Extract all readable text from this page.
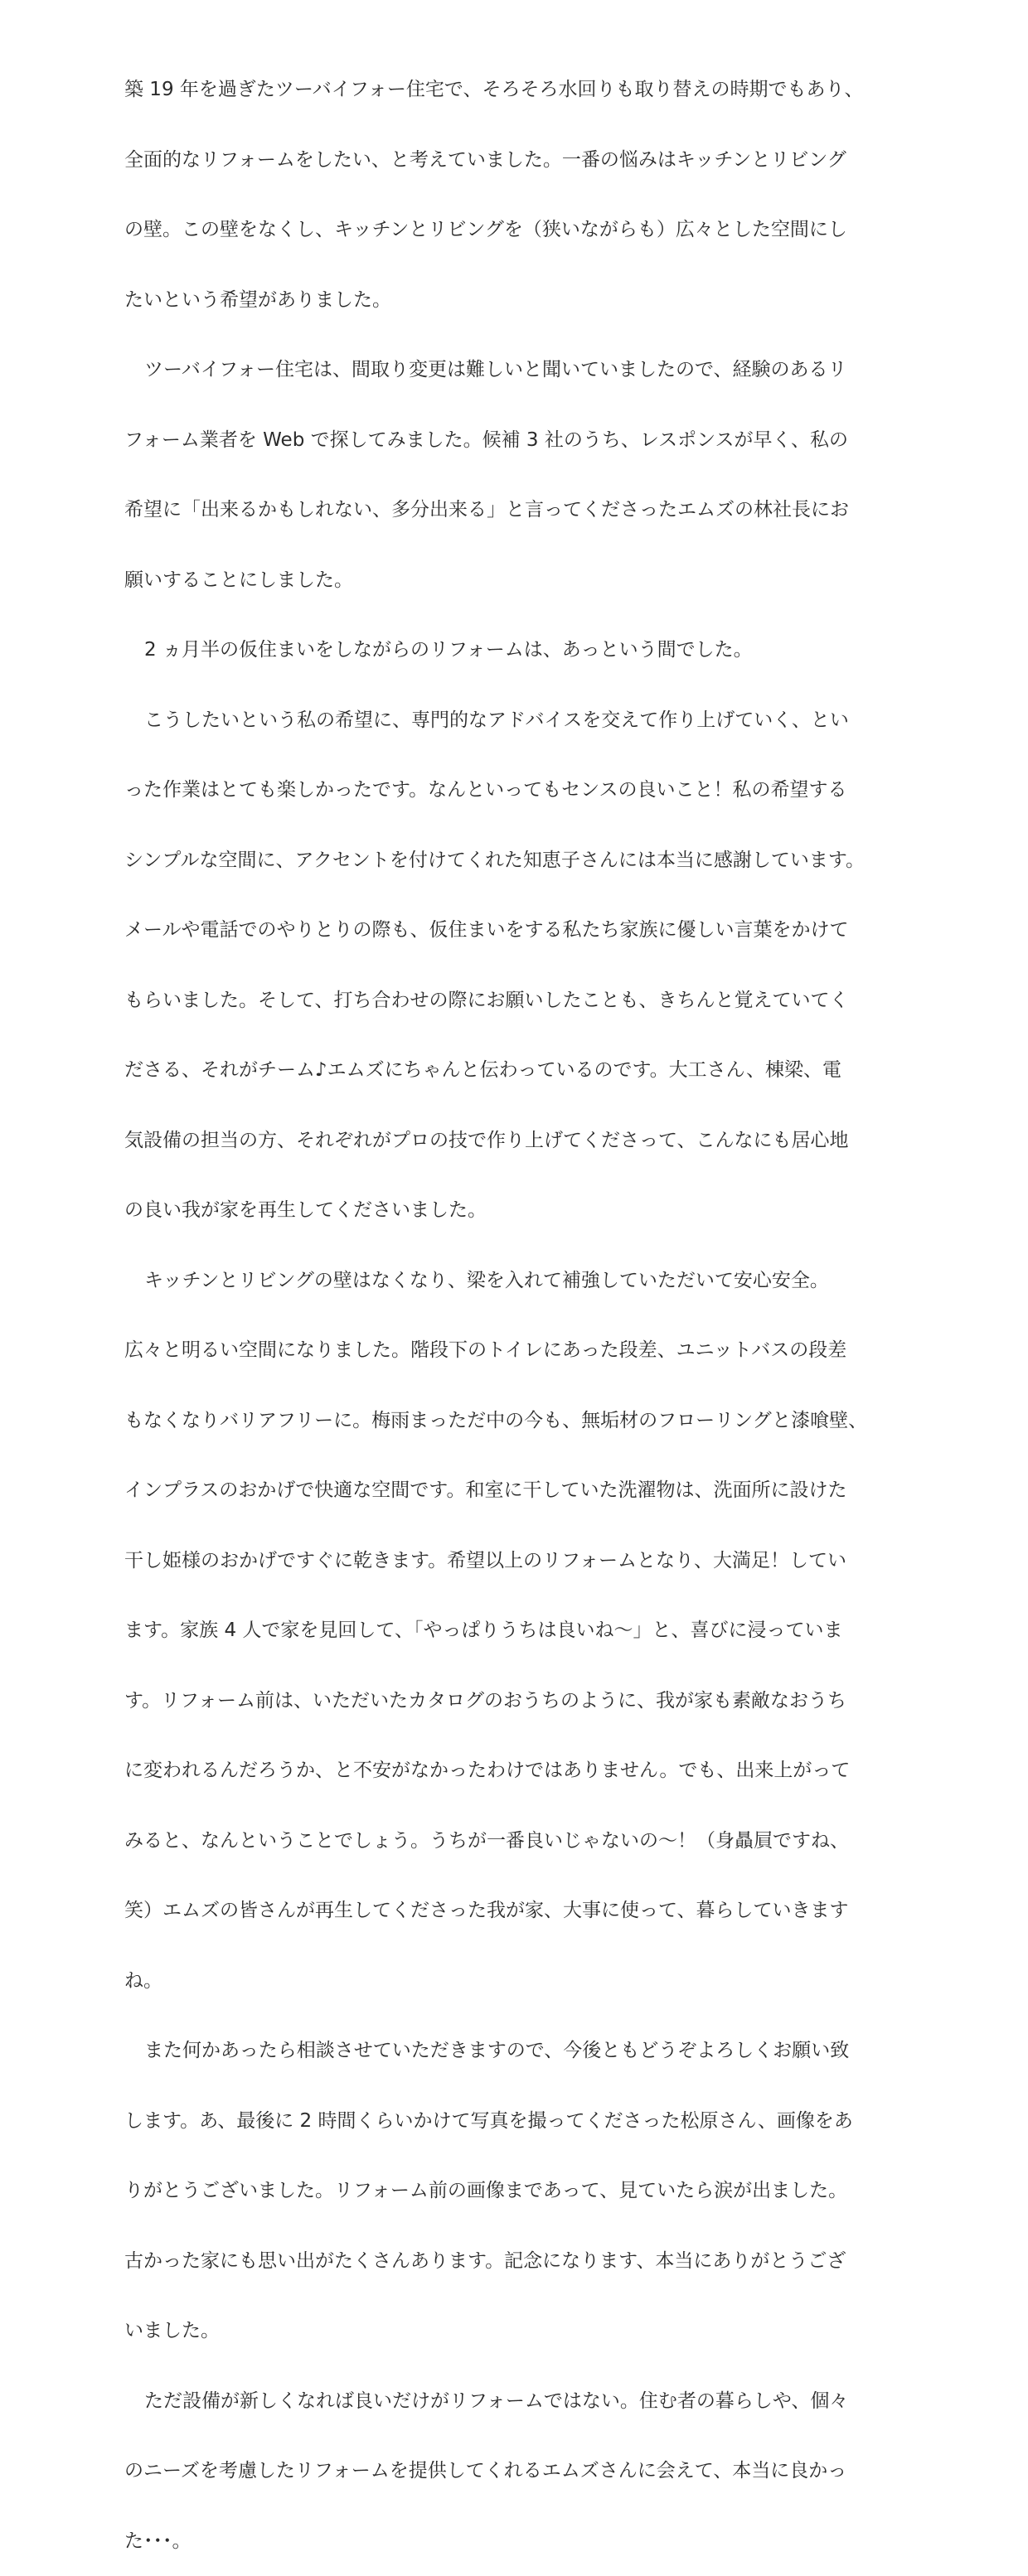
築 19 年を過ぎたツーバイフォー住宅で、そろそろ水回りも取り替えの時期でもあり、
全面的なリフォームをしたい、と考えていました。一番の悩みはキッチンとリビング
の壁。この壁をなくし、キッチンとリビングを（狭いながらも）広々とした空間にし
たいという希望がありました。

ツーバイフォー住宅は、間取り変更は難しいと聞いていましたので、経験のあるリ
フォーム業者を Web で探してみました。候補 3 社のうち、レスポンスが早く、私の
希望に「出来るかもしれない、多分出来る」と言ってくださったエムズの林社長にお
願いすることにしました。

2 ヵ月半の仮住まいをしながらのリフォームは、あっという間でした。

こうしたいという私の希望に、専門的なアドバイスを交えて作り上げていく、とい
った作業はとても楽しかったです。なんといってもセンスの良いこと！私の希望する
シンプルな空間に、アクセントを付けてくれた知恵子さんには本当に感謝しています。
メールや電話でのやりとりの際も、仮住まいをする私たち家族に優しい言葉をかけて
もらいました。そして、打ち合わせの際にお願いしたことも、きちんと覚えていてく
ださる、それがチーム♪エムズにちゃんと伝わっているのです。大工さん、棟梁、電
気設備の担当の方、それぞれがプロの技で作り上げてくださって、こんなにも居心地
の良い我が家を再生してくださいました。

キッチンとリビングの壁はなくなり、梁を入れて補強していただいて安心安全。
広々と明るい空間になりました。階段下のトイレにあった段差、ユニットバスの段差
もなくなりバリアフリーに。梅雨まっただ中の今も、無垢材のフローリングと漆喰壁、
インプラスのおかげで快適な空間です。和室に干していた洗濯物は、洗面所に設けた
干し姫様のおかげですぐに乾きます。希望以上のリフォームとなり、大満足！してい
ます。家族 4 人で家を見回して、「やっぱりうちは良いね～」と、喜びに浸っていま
す。リフォーム前は、いただいたカタログのおうちのように、我が家も素敵なおうち
に変われるんだろうか、と不安がなかったわけではありません。でも、出来上がって
みると、なんということでしょう。うちが一番良いじゃないの～！（身贔屓ですね、
笑）エムズの皆さんが再生してくださった我が家、大事に使って、暮らしていきます
ね。

また何かあったら相談させていただきますので、今後ともどうぞよろしくお願い致
します。あ、最後に 2 時間くらいかけて写真を撮ってくださった松原さん、画像をあ
りがとうございました。リフォーム前の画像まであって、見ていたら涙が出ました。
古かった家にも思い出がたくさんあります。記念になります、本当にありがとうござ
いました。

ただ設備が新しくなれば良いだけがリフォームではない。住む者の暮らしや、個々
のニーズを考慮したリフォームを提供してくれるエムズさんに会えて、本当に良かっ
た･･･。
